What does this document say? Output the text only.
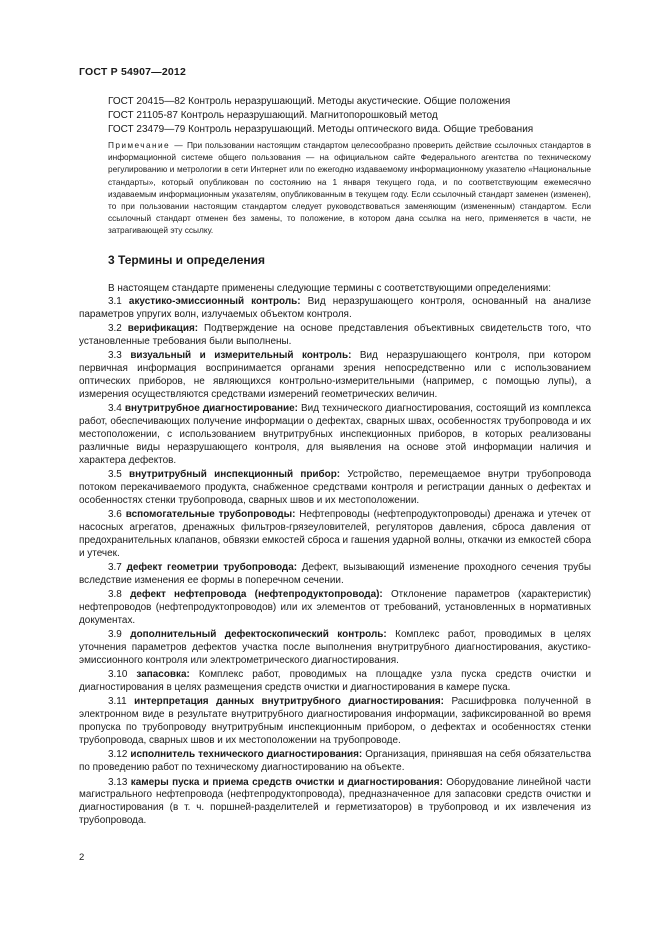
ГОСТ Р 54907—2012
ГОСТ 20415—82 Контроль неразрушающий. Методы акустические. Общие положения
ГОСТ 21105-87 Контроль неразрушающий. Магнитопорошковый метод
ГОСТ 23479—79 Контроль неразрушающий. Методы оптического вида. Общие требования
Примечание — При пользовании настоящим стандартом целесообразно проверить действие ссылочных стандартов в информационной системе общего пользования — на официальном сайте Федерального агентства по техническому регулированию и метрологии в сети Интернет или по ежегодно издаваемому информационному указателю «Национальные стандарты», который опубликован по состоянию на 1 января текущего года, и по соответствующим ежемесячно издаваемым информационным указателям, опубликованным в текущем году. Если ссылочный стандарт заменен (изменен), то при пользовании настоящим стандартом следует руководствоваться заменяющим (измененным) стандартом. Если ссылочный стандарт отменен без замены, то положение, в котором дана ссылка на него, применяется в части, не затрагивающей эту ссылку.
3 Термины и определения

В настоящем стандарте применены следующие термины с соответствующими определениями:

3.1 акустико-эмиссионный контроль: Вид неразрушающего контроля, основанный на анализе параметров упругих волн, излучаемых объектом контроля.

3.2 верификация: Подтверждение на основе представления объективных свидетельств того, что установленные требования были выполнены.

3.3 визуальный и измерительный контроль: Вид неразрушающего контроля, при котором первичная информация воспринимается органами зрения непосредственно или с использованием оптических приборов, не являющихся контрольно-измерительными (например, с помощью лупы), а измерения осуществляются средствами измерений геометрических величин.

3.4 внутритрубное диагностирование: Вид технического диагностирования, состоящий из комплекса работ, обеспечивающих получение информации о дефектах, сварных швах, особенностях трубопровода и их местоположении, с использованием внутритрубных инспекционных приборов, в которых реализованы различные виды неразрушающего контроля, для выявления на основе этой информации наличия и характера дефектов.

3.5 внутритрубный инспекционный прибор: Устройство, перемещаемое внутри трубопровода потоком перекачиваемого продукта, снабженное средствами контроля и регистрации данных о дефектах и особенностях стенки трубопровода, сварных швов и их местоположении.

3.6 вспомогательные трубопроводы: Нефтепроводы (нефтепродуктопроводы) дренажа и утечек от насосных агрегатов, дренажных фильтров-грязеуловителей, регуляторов давления, сброса давления от предохранительных клапанов, обвязки емкостей сброса и гашения ударной волны, откачки из емкостей сбора и утечек.

3.7 дефект геометрии трубопровода: Дефект, вызывающий изменение проходного сечения трубы вследствие изменения ее формы в поперечном сечении.

3.8 дефект нефтепровода (нефтепродуктопровода): Отклонение параметров (характеристик) нефтепроводов (нефтепродуктопроводов) или их элементов от требований, установленных в нормативных документах.

3.9 дополнительный дефектоскопический контроль: Комплекс работ, проводимых в целях уточнения параметров дефектов участка после выполнения внутритрубного диагностирования, акустико-эмиссионного контроля или электрометрического диагностирования.

3.10 запасовка: Комплекс работ, проводимых на площадке узла пуска средств очистки и диагностирования в целях размещения средств очистки и диагностирования в камере пуска.

3.11 интерпретация данных внутритрубного диагностирования: Расшифровка полученной в электронном виде в результате внутритрубного диагностирования информации, зафиксированной во время пропуска по трубопроводу внутритрубным инспекционным прибором, о дефектах и особенностях стенки трубопровода, сварных швов и их местоположении на трубопроводе.

3.12 исполнитель технического диагностирования: Организация, принявшая на себя обязательства по проведению работ по техническому диагностированию на объекте.

3.13 камеры пуска и приема средств очистки и диагностирования: Оборудование линейной части магистрального нефтепровода (нефтепродуктопровода), предназначенное для запасовки средств очистки и диагностирования (в т. ч. поршней-разделителей и герметизаторов) в трубопровод и их извлечения из трубопровода.

2
